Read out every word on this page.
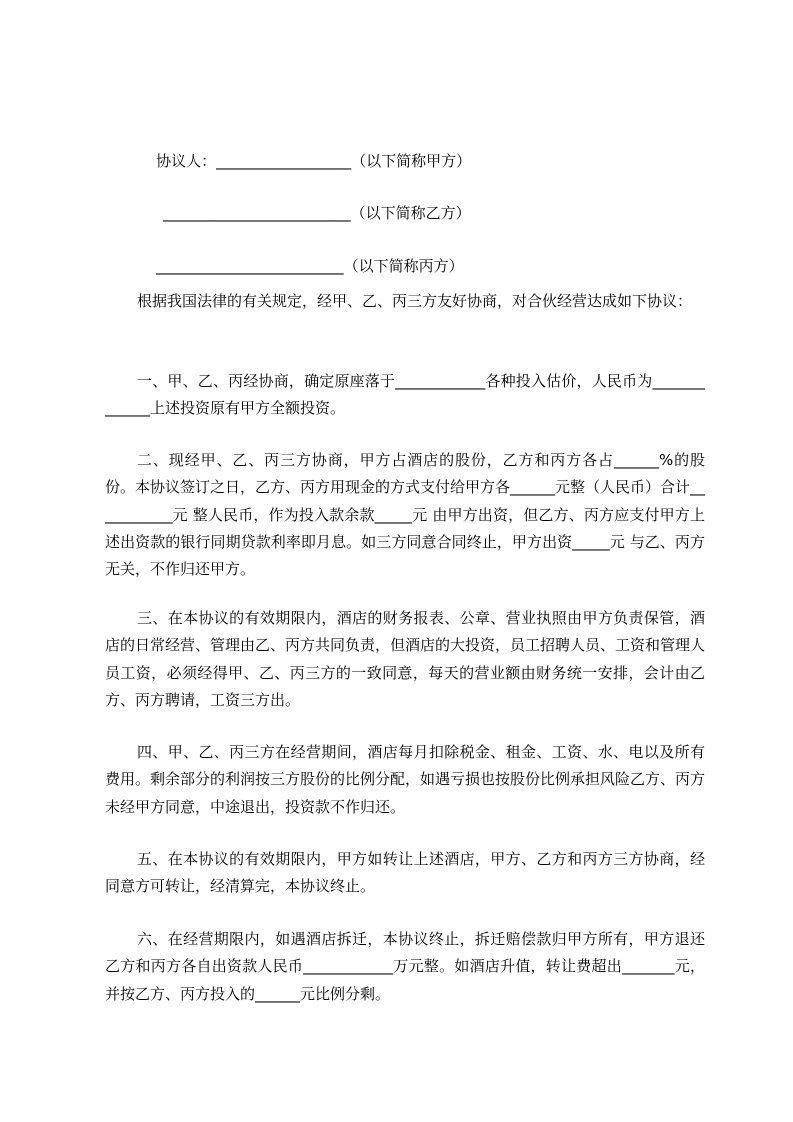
协议人：__________________（以下简称甲方）

_________________________（以下简称乙方）

_________________________（以下简称丙方）

根据我国法律的有关规定，经甲、乙、丙三方友好协商，对合伙经营达成如下协议：
一、甲、乙、丙经协商，确定原座落于____________各种投入估价，人民币为_____________上述投资原有甲方全额投资。
二、现经甲、乙、丙三方协商，甲方占酒店的股份，乙方和丙方各占______%的股份。本协议签订之日，乙方、丙方用现金的方式支付给甲方各______元整（人民币）合计___________元 整人民币，作为投入款余款_____元 由甲方出资，但乙方、丙方应支付甲方上述出资款的银行同期贷款利率即月息。如三方同意合同终止，甲方出资_____元 与乙、丙方无关，不作归还甲方。
三、在本协议的有效期限内，酒店的财务报表、公章、营业执照由甲方负责保管，酒店的日常经营、管理由乙、丙方共同负责，但酒店的大投资，员工招聘人员、工资和管理人员工资，必须经得甲、乙、丙三方的一致同意，每天的营业额由财务统一安排，会计由乙方、丙方聘请，工资三方出。
四、甲、乙、丙三方在经营期间，酒店每月扣除税金、租金、工资、水、电以及所有费用。剩余部分的利润按三方股份的比例分配，如遇亏损也按股份比例承担风险乙方、丙方未经甲方同意，中途退出，投资款不作归还。
五、在本协议的有效期限内，甲方如转让上述酒店，甲方、乙方和丙方三方协商，经同意方可转让，经清算完，本协议终止。
六、在经营期限内，如遇酒店拆迁，本协议终止，拆迁赔偿款归甲方所有，甲方退还乙方和丙方各自出资款人民币____________万元整。如酒店升值，转让费超出_______元，并按乙方、丙方投入的______元比例分剩。
